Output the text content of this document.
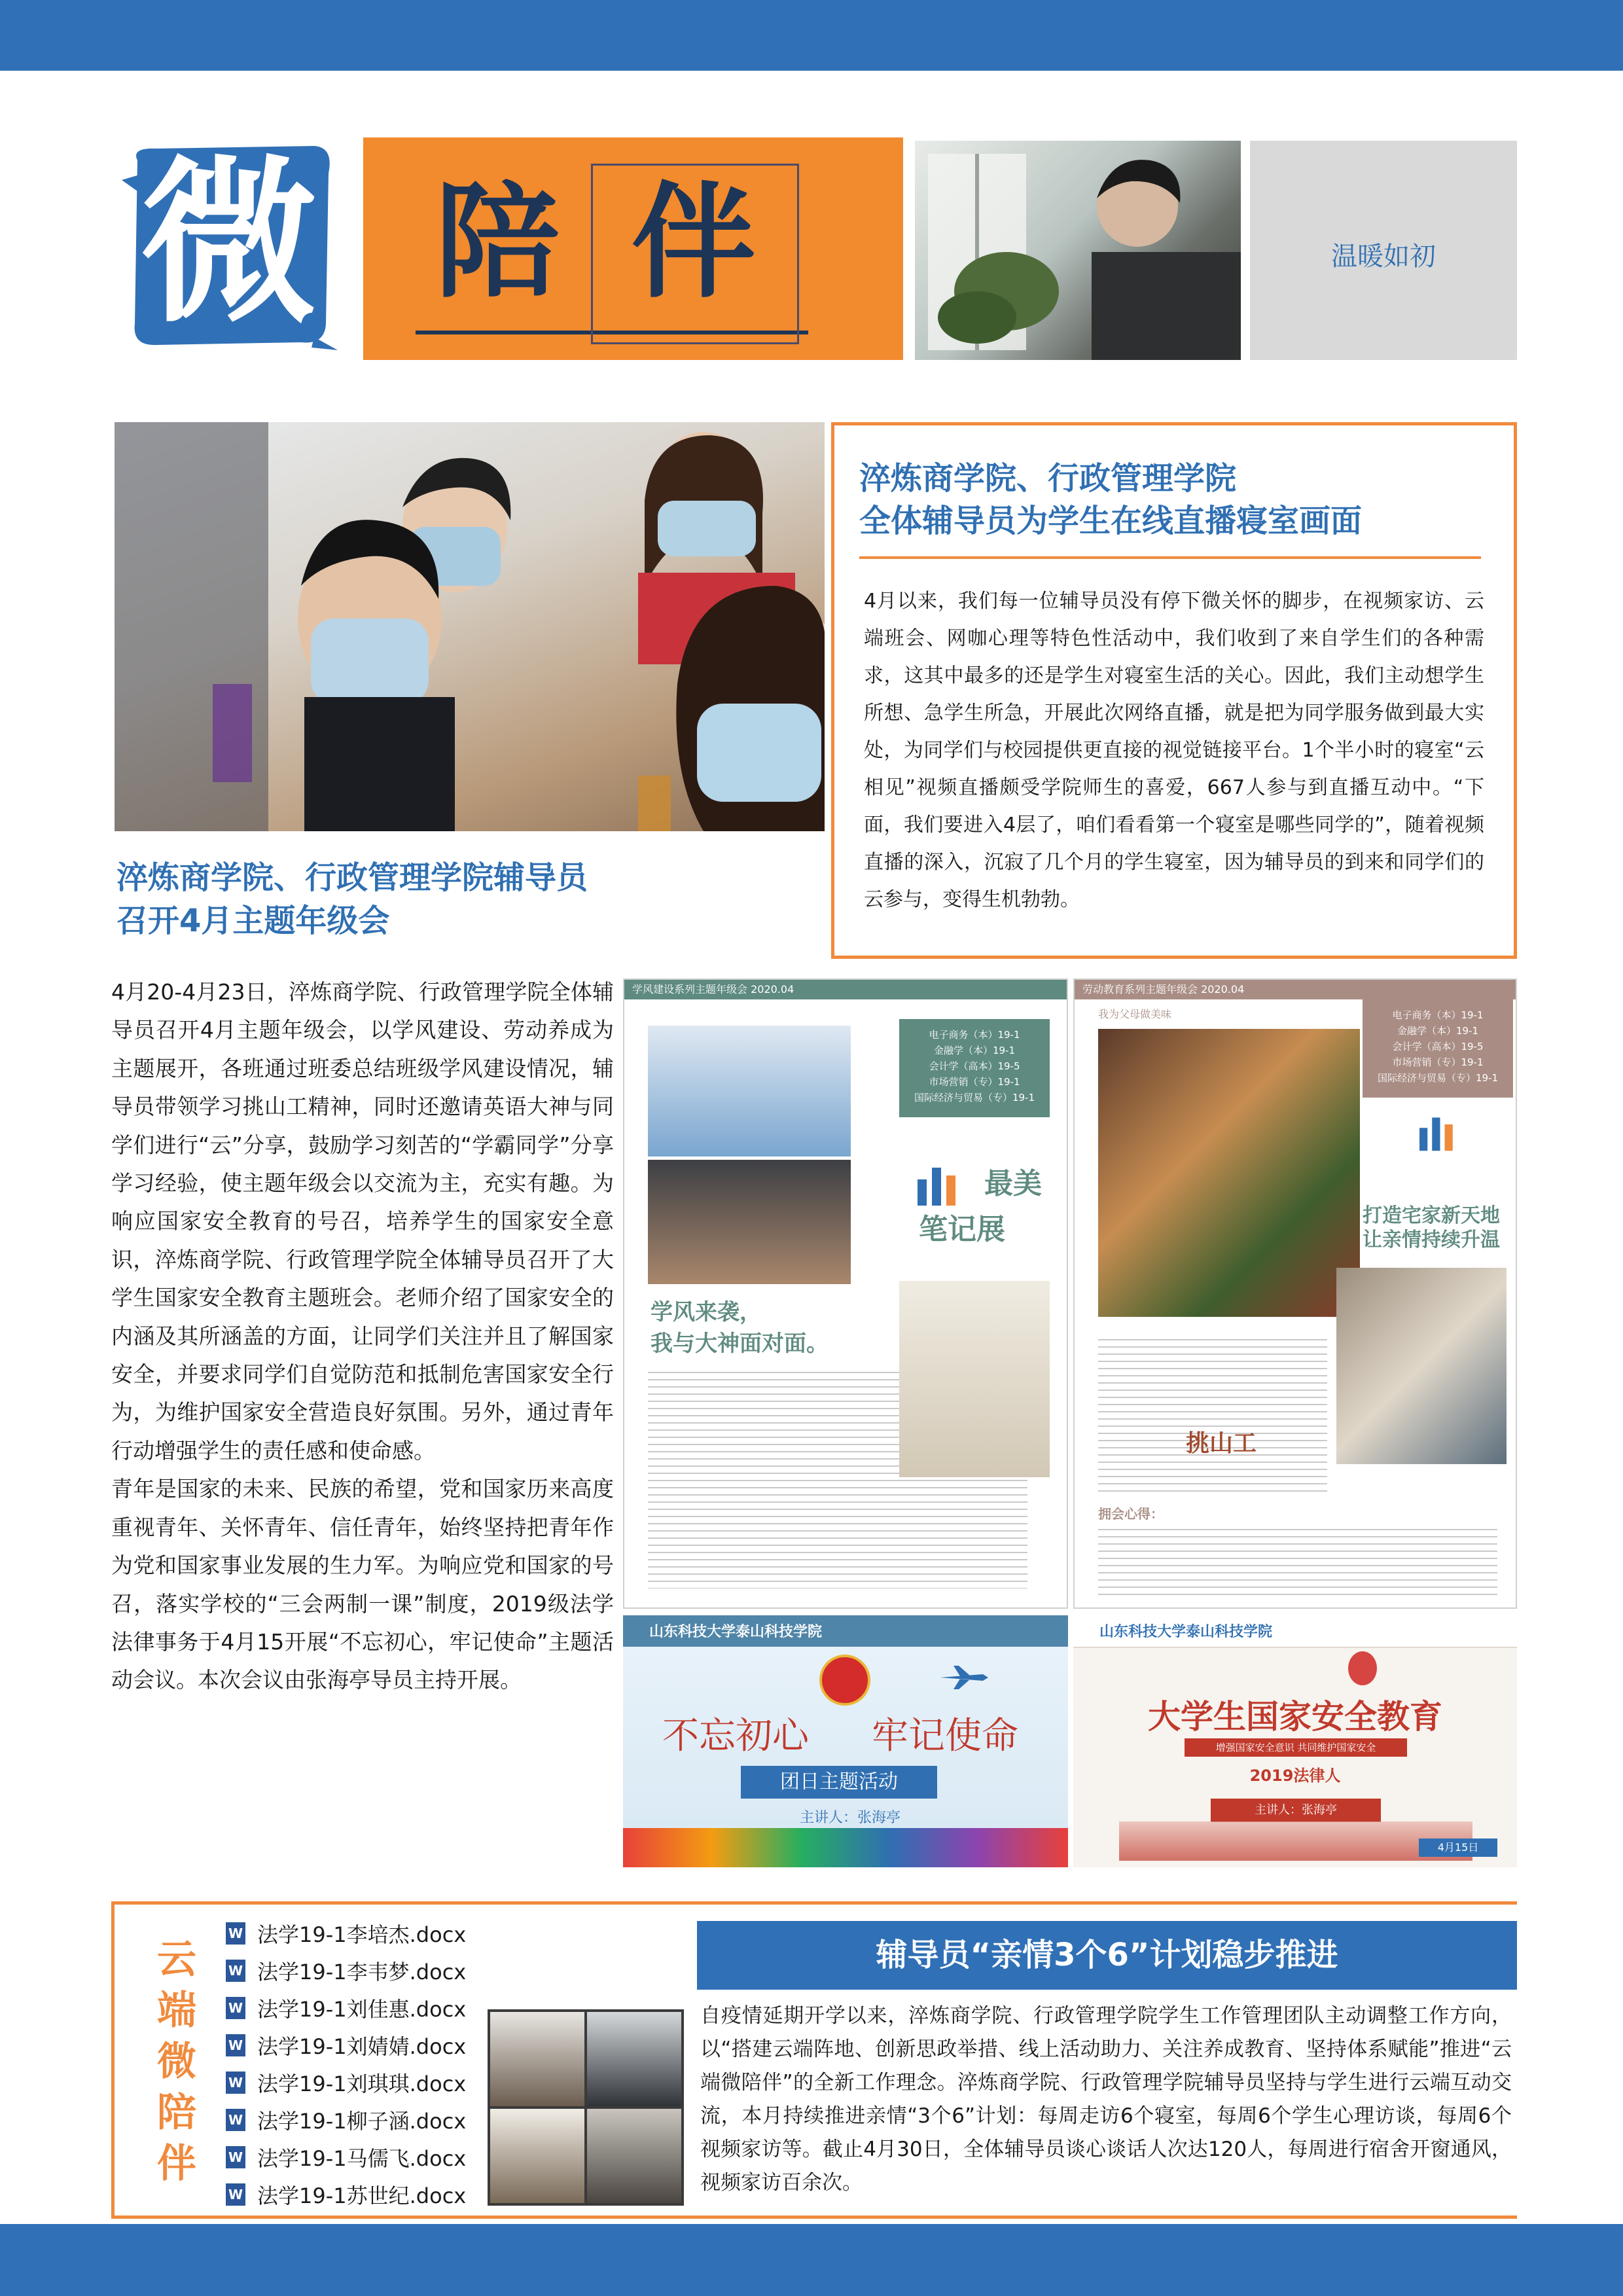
微 陪伴	温暖如初
淬炼商学院、行政管理学院
全体辅导员为学生在线直播寝室画面
4月以来，我们每一位辅导员没有停下微关怀的脚步，在视频家访、云端班会、网咖心理等特色性活动中，我们收到了来自学生们的各种需求，这其中最多的还是学生对寝室生活的关心。因此，我们主动想学生所想、急学生所急，开展此次网络直播，就是把为同学服务做到最大实处，为同学们与校园提供更直接的视觉链接平台。1个半小时的寝室“云相见”视频直播颇受学院师生的喜爱，667人参与到直播互动中。“下面，我们要进入4层了，咱们看看第一个寝室是哪些同学的”，随着视频直播的深入，沉寂了几个月的学生寝室，因为辅导员的到来和同学们的云参与，变得生机勃勃。
淬炼商学院、行政管理学院辅导员
召开4月主题年级会
4月20-4月23日，淬炼商学院、行政管理学院全体辅导员召开4月主题年级会，以学风建设、劳动养成为主题展开，各班通过班委总结班级学风建设情况，辅导员带领学习挑山工精神，同时还邀请英语大神与同学们进行“云”分享，鼓励学习刻苦的“学霸同学”分享学习经验，使主题年级会以交流为主，充实有趣。为响应国家安全教育的号召，培养学生的国家安全意识，淬炼商学院、行政管理学院全体辅导员召开了大学生国家安全教育主题班会。老师介绍了国家安全的内涵及其所涵盖的方面，让同学们关注并且了解国家安全，并要求同学们自觉防范和抵制危害国家安全行为，为维护国家安全营造良好氛围。另外，通过青年行动增强学生的责任感和使命感。
青年是国家的未来、民族的希望，党和国家历来高度重视青年、关怀青年、信任青年，始终坚持把青年作为党和国家事业发展的生力军。为响应党和国家的号召，落实学校的“三会两制一课”制度，2019级法学法律事务于4月15开展“不忘初心，牢记使命”主题活动会议。本次会议由张海亭导员主持开展。
学风建设系列主题年级会 2020.04
电子商务（本）19-1
金融学（本）19-1
会计学（高本）19-5
市场营销（专）19-1
国际经济与贸易（专）19-1
最美
笔记展
学风来袭，
我与大神面对面。
劳动教育系列主题年级会 2020.04
我为父母做美味	电子商务（本）19-1
金融学（本）19-1
会计学（高本）19-5
市场营销（专）19-1
国际经济与贸易（专）19-1
打造宅家新天地
让亲情持续升温
挑山工
拥会心得：
山东科技大学泰山科技学院
不忘初心 牢记使命
团日主题活动
主讲人：张海亭
山东科技大学泰山科技学院
大学生国家安全教育
增强国家安全意识 共同维护国家安全
2019法律人
主讲人：张海亭
4月15日
云
端
微
陪
伴
W 法学19-1李培杰.docx
W 法学19-1李韦梦.docx
W 法学19-1刘佳惠.docx
W 法学19-1刘婧婧.docx
W 法学19-1刘琪琪.docx
W 法学19-1柳子涵.docx
W 法学19-1马儒飞.docx
W 法学19-1苏世纪.docx
辅导员“亲情3个6”计划稳步推进
自疫情延期开学以来，淬炼商学院、行政管理学院学生工作管理团队主动调整工作方向，以“搭建云端阵地、创新思政举措、线上活动助力、关注养成教育、坚持体系赋能”推进“云端微陪伴”的全新工作理念。淬炼商学院、行政管理学院辅导员坚持与学生进行云端互动交流，本月持续推进亲情“3个6”计划：每周走访6个寝室，每周6个学生心理访谈，每周6个视频家访等。截止4月30日，全体辅导员谈心谈话人次达120人，每周进行宿舍开窗通风，视频家访百余次。
